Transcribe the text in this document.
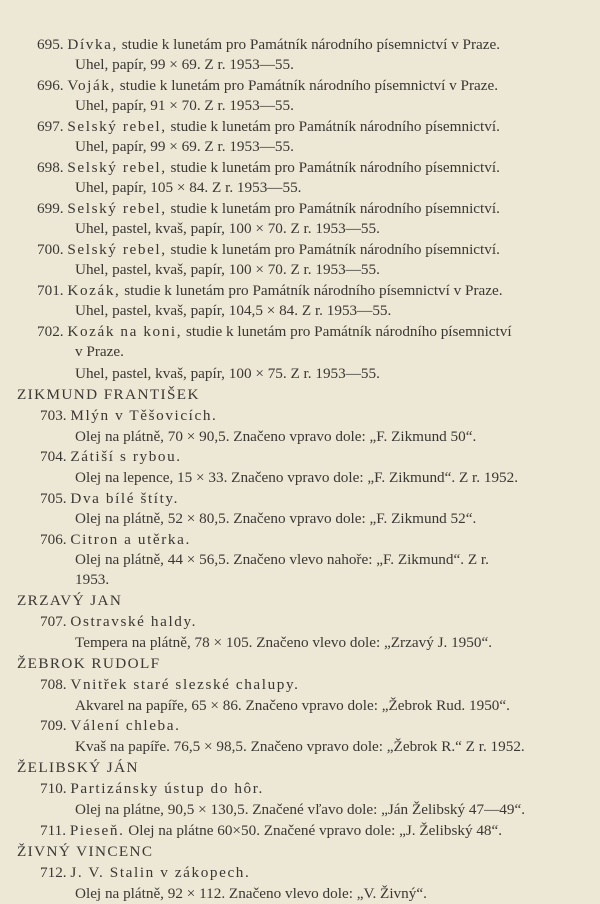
695. Dívka, studie k lunetám pro Památník národního písemnictví v Praze.
Uhel, papír, 99 × 69. Z r. 1953—55.
696. Voják, studie k lunetám pro Památník národního písemnictví v Praze.
Uhel, papír, 91 × 70. Z r. 1953—55.
697. Selský rebel, studie k lunetám pro Památník národního písemnictví.
Uhel, papír, 99 × 69. Z r. 1953—55.
698. Selský rebel, studie k lunetám pro Památník národního písemnictví.
Uhel, papír, 105 × 84. Z r. 1953—55.
699. Selský rebel, studie k lunetám pro Památník národního písemnictví.
Uhel, pastel, kvaš, papír, 100 × 70. Z r. 1953—55.
700. Selský rebel, studie k lunetám pro Památník národního písemnictví.
Uhel, pastel, kvaš, papír, 100 × 70. Z r. 1953—55.
701. Kozák, studie k lunetám pro Památník národního písemnictví v Praze.
Uhel, pastel, kvaš, papír, 104,5 × 84. Z r. 1953—55.
702. Kozák na koni, studie k lunetám pro Památník národního písemnictví
v Praze.
Uhel, pastel, kvaš, papír, 100 × 75. Z r. 1953—55.
ZIKMUND FRANTIŠEK
703. Mlýn v Těšovicích.
Olej na plátně, 70 × 90,5. Značeno vpravo dole: „F. Zikmund 50“.
704. Zátiší s rybou.
Olej na lepence, 15 × 33. Značeno vpravo dole: „F. Zikmund“. Z r. 1952.
705. Dva bílé štíty.
Olej na plátně, 52 × 80,5. Značeno vpravo dole: „F. Zikmund 52“.
706. Citron a utěrka.
Olej na plátně, 44 × 56,5. Značeno vlevo nahoře: „F. Zikmund“. Z r.
1953.
ZRZAVÝ JAN
707. Ostravské haldy.
Tempera na plátně, 78 × 105. Značeno vlevo dole: „Zrzavý J. 1950“.
ŽEBROK RUDOLF
708. Vnitřek staré slezské chalupy.
Akvarel na papíře, 65 × 86. Značeno vpravo dole: „Žebrok Rud. 1950“.
709. Válení chleba.
Kvaš na papíře. 76,5 × 98,5. Značeno vpravo dole: „Žebrok R.“ Z r. 1952.
ŽELIBSKÝ JÁN
710. Partizánsky ústup do hôr.
Olej na plátne, 90,5 × 130,5. Značené vľavo dole: „Ján Želibský 47—49“.
711. Pieseň. Olej na plátne 60×50. Značené vpravo dole: „J. Želibský 48“.
ŽIVNÝ VINCENC
712. J. V. Stalin v zákopech.
Olej na plátně, 92 × 112. Značeno vlevo dole: „V. Živný“.
